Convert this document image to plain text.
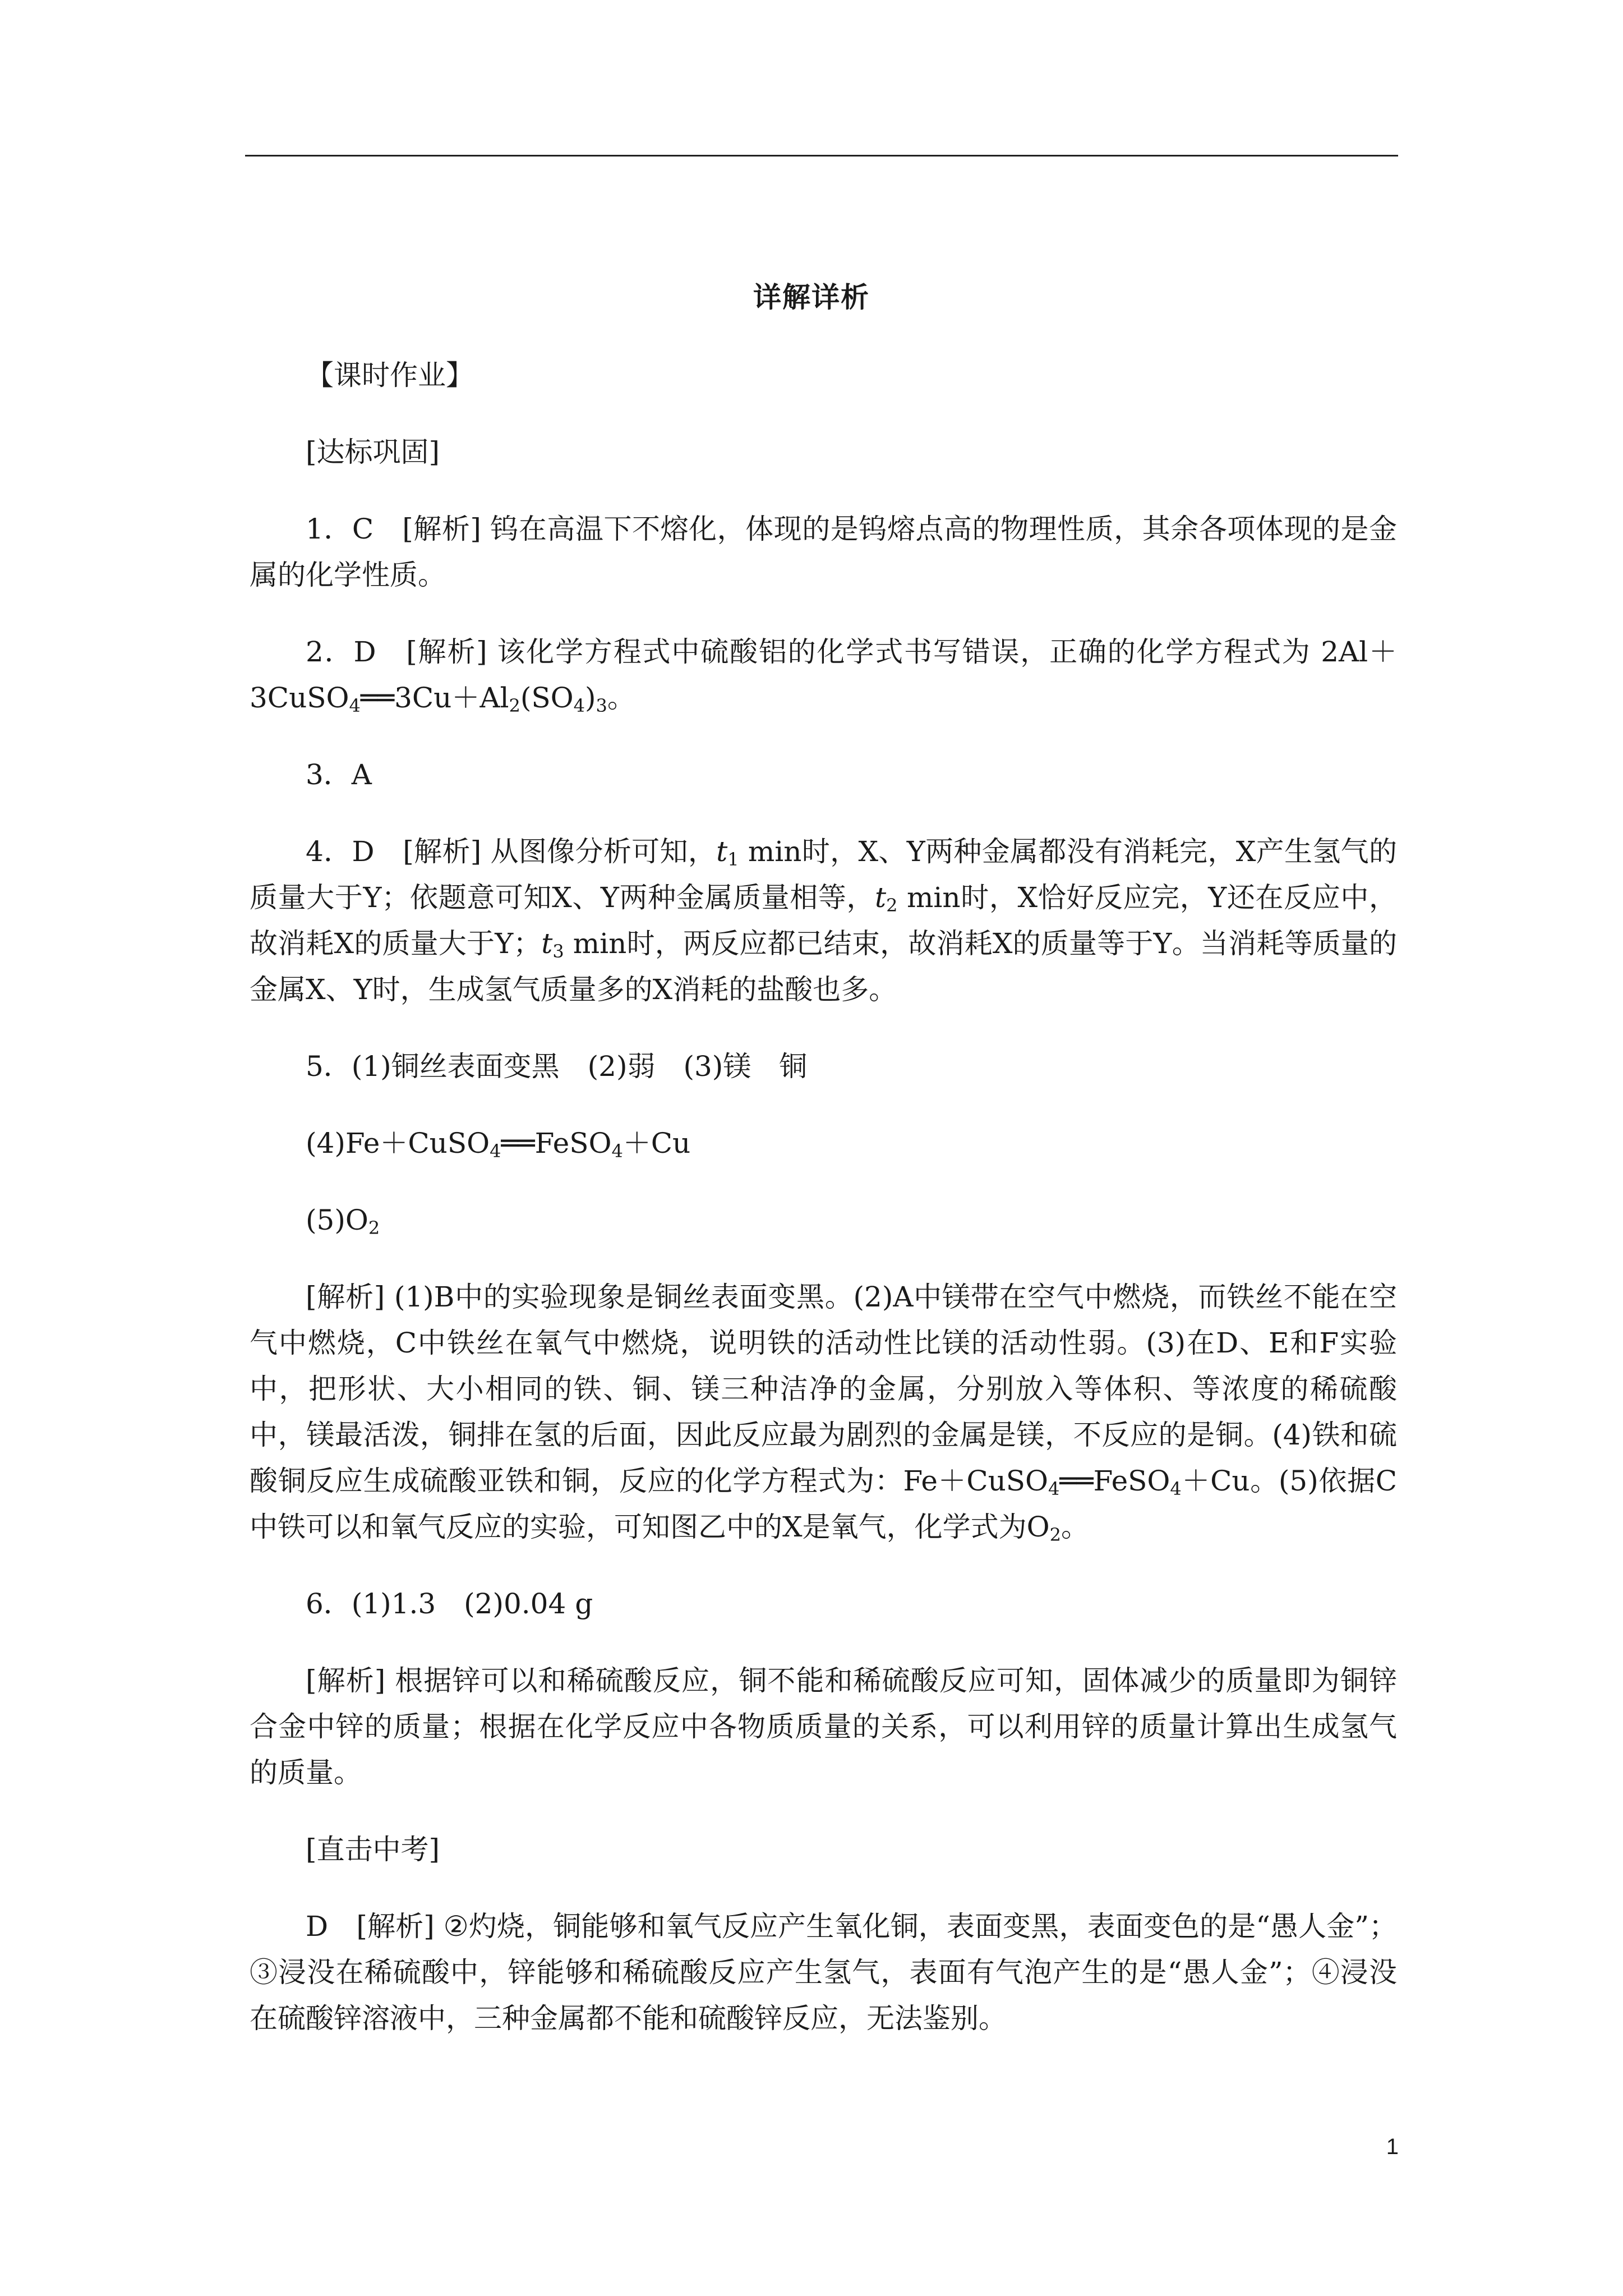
详解详析

【课时作业】

[达标巩固]

1．C　[解析] 钨在高温下不熔化，体现的是钨熔点高的物理性质，其余各项体现的是金属的化学性质。

2．D　[解析] 该化学方程式中硫酸铝的化学式书写错误，正确的化学方程式为 $2Al+3CuSO_4══3Cu+Al_2(SO_4)_3$。

3．A

4．D　[解析] 从图像分析可知，$t_1$ min时，X、Y两种金属都没有消耗完，X产生氢气的质量大于Y；依题意可知X、Y两种金属质量相等，$t_2$ min时，X恰好反应完，Y还在反应中，故消耗X的质量大于Y；$t_3$ min时，两反应都已结束，故消耗X的质量等于Y。当消耗等质量的金属X、Y时，生成氢气质量多的X消耗的盐酸也多。

5．(1)铜丝表面变黑　(2)弱　(3)镁　铜

(4)Fe＋CuSO$_4$══FeSO$_4$＋Cu

$(5)O_2$

[解析] (1)B中的实验现象是铜丝表面变黑。(2)A中镁带在空气中燃烧，而铁丝不能在空气中燃烧，C中铁丝在氧气中燃烧，说明铁的活动性比镁的活动性弱。(3)在D、E和F实验中，把形状、大小相同的铁、铜、镁三种洁净的金属，分别放入等体积、等浓度的稀硫酸中，镁最活泼，铜排在氢的后面，因此反应最为剧烈的金属是镁，不反应的是铜。(4)铁和硫酸铜反应生成硫酸亚铁和铜，反应的化学方程式为：Fe＋CuSO$_4$══FeSO$_4$＋Cu。(5)依据C中铁可以和氧气反应的实验，可知图乙中的X是氧气，化学式为$O_2$。

6．(1)1.3　(2)0.04 g

[解析] 根据锌可以和稀硫酸反应，铜不能和稀硫酸反应可知，固体减少的质量即为铜锌合金中锌的质量；根据在化学反应中各物质质量的关系，可以利用锌的质量计算出生成氢气的质量。

[直击中考]

D　[解析] ②灼烧，铜能够和氧气反应产生氧化铜，表面变黑，表面变色的是“愚人金”；③浸没在稀硫酸中，锌能够和稀硫酸反应产生氢气，表面有气泡产生的是“愚人金”；④浸没在硫酸锌溶液中，三种金属都不能和硫酸锌反应，无法鉴别。

1
